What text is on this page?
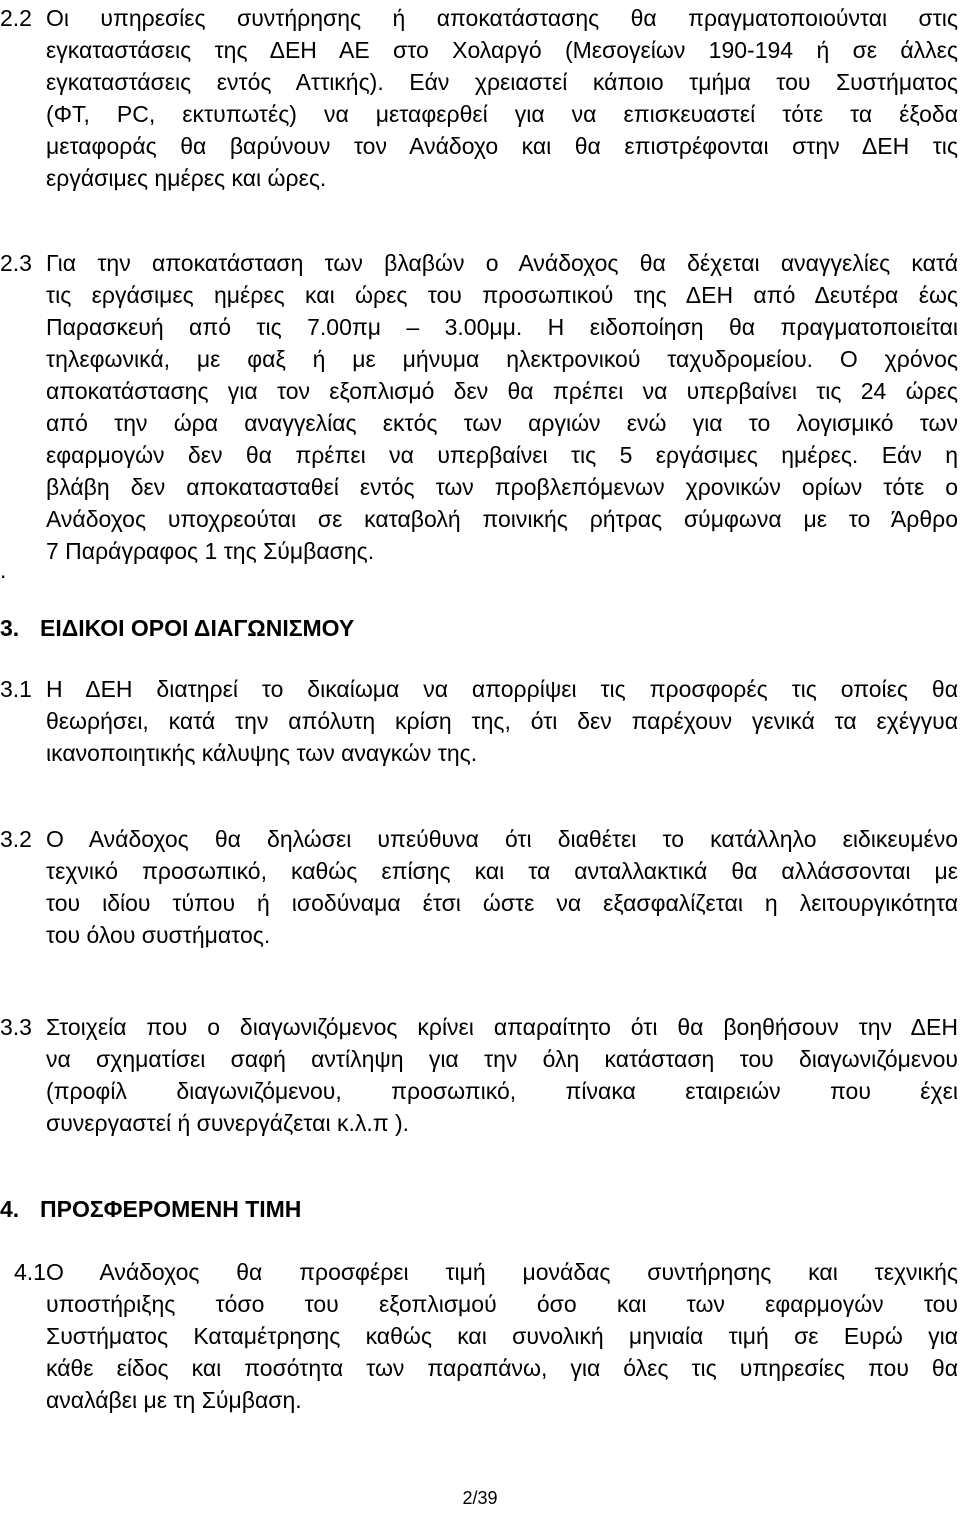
2.2 Οι υπηρεσίες συντήρησης ή αποκατάστασης θα πραγματοποιούνται στις
εγκαταστάσεις της ΔΕΗ ΑΕ στο Χολαργό (Μεσογείων 190-194 ή σε άλλες
εγκαταστάσεις εντός Αττικής). Εάν χρειαστεί κάποιο τμήμα του Συστήματος
(ΦΤ, PC, εκτυπωτές) να μεταφερθεί για να επισκευαστεί τότε τα έξοδα
μεταφοράς θα βαρύνουν τον Ανάδοχο και θα επιστρέφονται στην ΔΕΗ τις
εργάσιμες ημέρες και ώρες.
2.3 Για την αποκατάσταση των βλαβών ο Ανάδοχος θα δέχεται αναγγελίες κατά
τις εργάσιμες ημέρες και ώρες του προσωπικού της ΔΕΗ από Δευτέρα έως
Παρασκευή από τις 7.00πμ – 3.00μμ. Η ειδοποίηση θα πραγματοποιείται
τηλεφωνικά, με φαξ ή με μήνυμα ηλεκτρονικού ταχυδρομείου. Ο χρόνος
αποκατάστασης για τον εξοπλισμό δεν θα πρέπει να υπερβαίνει τις 24 ώρες
από την ώρα αναγγελίας εκτός των αργιών ενώ για το λογισμικό των
εφαρμογών δεν θα πρέπει να υπερβαίνει τις 5 εργάσιμες ημέρες. Εάν η
βλάβη δεν αποκατασταθεί εντός των προβλεπόμενων χρονικών ορίων τότε ο
Ανάδοχος υποχρεούται σε καταβολή ποινικής ρήτρας σύμφωνα με το Άρθρο
7 Παράγραφος 1 της Σύμβασης.
.
3. ΕΙΔΙΚΟΙ ΟΡΟΙ ΔΙΑΓΩΝΙΣΜΟΥ
3.1 Η ΔΕΗ διατηρεί το δικαίωμα να απορρίψει τις προσφορές τις οποίες θα
θεωρήσει, κατά την απόλυτη κρίση της, ότι δεν παρέχουν γενικά τα εχέγγυα
ικανοποιητικής κάλυψης των αναγκών της.
3.2 Ο Ανάδοχος θα δηλώσει υπεύθυνα ότι διαθέτει το κατάλληλο ειδικευμένο
τεχνικό προσωπικό, καθώς επίσης και τα ανταλλακτικά θα αλλάσσονται με
του ιδίου τύπου ή ισοδύναμα έτσι ώστε να εξασφαλίζεται η λειτουργικότητα
του όλου συστήματος.
3.3 Στοιχεία που ο διαγωνιζόμενος κρίνει απαραίτητο ότι θα βοηθήσουν την ΔΕΗ
να σχηματίσει σαφή αντίληψη για την όλη κατάσταση του διαγωνιζόμενου
(προφίλ διαγωνιζόμενου, προσωπικό, πίνακα εταιρειών που έχει
συνεργαστεί ή συνεργάζεται κ.λ.π ).
4. ΠΡΟΣΦΕΡΟΜΕΝΗ ΤΙΜΗ
4.1Ο Ανάδοχος θα προσφέρει τιμή μονάδας συντήρησης και τεχνικής
υποστήριξης τόσο του εξοπλισμού όσο και των εφαρμογών του
Συστήματος Καταμέτρησης καθώς και συνολική μηνιαία τιμή σε Ευρώ για
κάθε είδος και ποσότητα των παραπάνω, για όλες τις υπηρεσίες που θα
αναλάβει με τη Σύμβαση.
2/39
